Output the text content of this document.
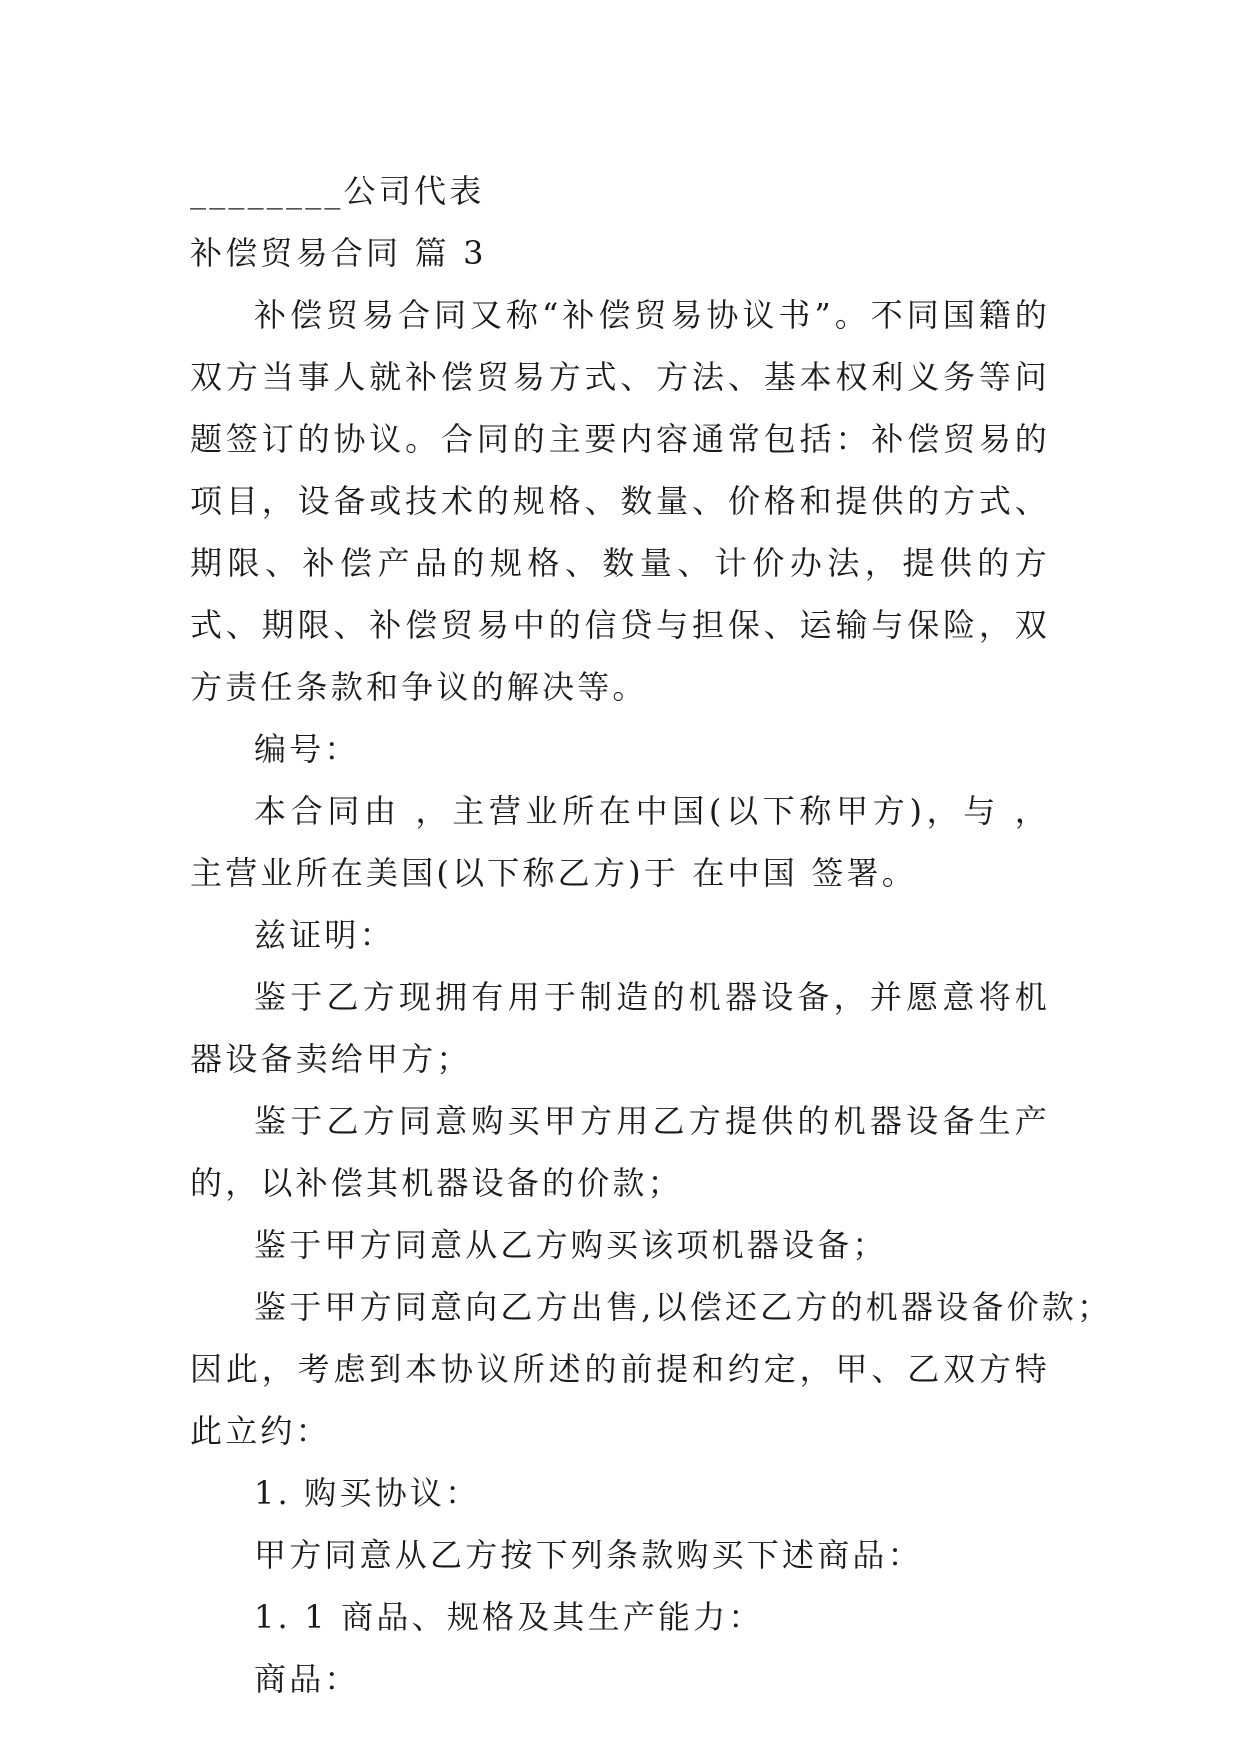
________公司代表

补偿贸易合同 篇 3

补偿贸易合同又称“补偿贸易协议书”。不同国籍的双方当事人就补偿贸易方式、方法、基本权利义务等问题签订的协议。合同的主要内容通常包括：补偿贸易的项目，设备或技术的规格、数量、价格和提供的方式、期限、补偿产品的规格、数量、计价办法，提供的方式、期限、补偿贸易中的信贷与担保、运输与保险，双方责任条款和争议的解决等。

编号：

本合同由 ，主营业所在中国(以下称甲方)，与 ，主营业所在美国(以下称乙方)于 在中国 签署。

兹证明：

鉴于乙方现拥有用于制造的机器设备，并愿意将机器设备卖给甲方；

鉴于乙方同意购买甲方用乙方提供的机器设备生产的，以补偿其机器设备的价款；

鉴于甲方同意从乙方购买该项机器设备；

鉴于甲方同意向乙方出售,以偿还乙方的机器设备价款；

因此，考虑到本协议所述的前提和约定，甲、乙双方特此立约：

1. 购买协议：

甲方同意从乙方按下列条款购买下述商品：

1. 1 商品、规格及其生产能力：

商品：
